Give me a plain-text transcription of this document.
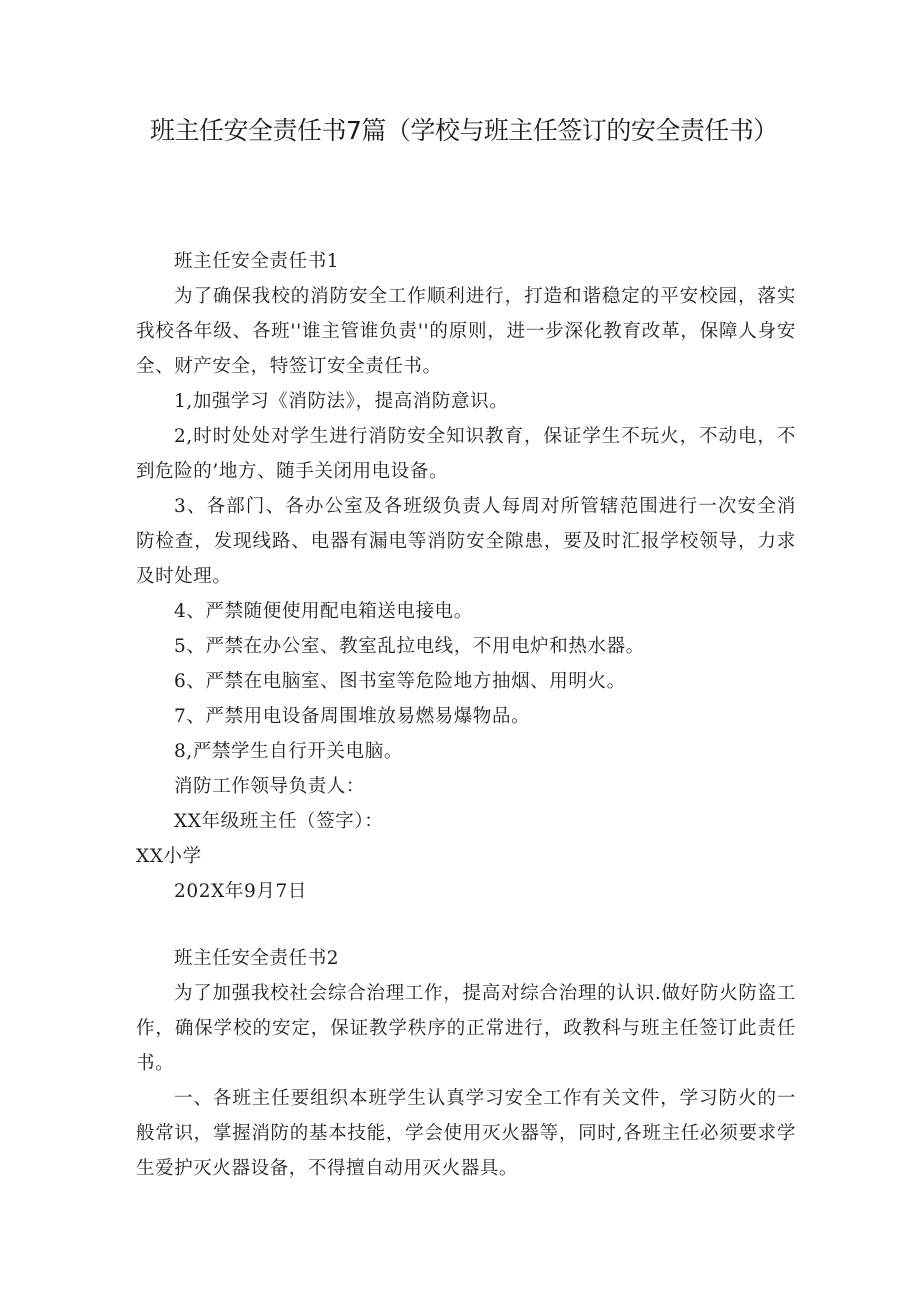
班主任安全责任书7篇（学校与班主任签订的安全责任书）

班主任安全责任书1

为了确保我校的消防安全工作顺利进行，打造和谐稳定的平安校园，落实我校各年级、各班''谁主管谁负责''的原则，进一步深化教育改革，保障人身安全、财产安全，特签订安全责任书。

1,加强学习《消防法》，提高消防意识。

2,时时处处对学生进行消防安全知识教育，保证学生不玩火，不动电，不到危险的’地方、随手关闭用电设备。

3、各部门、各办公室及各班级负责人每周对所管辖范围进行一次安全消防检查，发现线路、电器有漏电等消防安全隙患，要及时汇报学校领导，力求及时处理。

4、严禁随便使用配电箱送电接电。

5、严禁在办公室、教室乱拉电线，不用电炉和热水器。

6、严禁在电脑室、图书室等危险地方抽烟、用明火。

7、严禁用电设备周围堆放易燃易爆物品。

8,严禁学生自行开关电脑。

消防工作领导负责人：

XX年级班主任（签字）：

XX小学

202X年9月7日

班主任安全责任书2

为了加强我校社会综合治理工作，提高对综合治理的认识.做好防火防盗工作，确保学校的安定，保证教学秩序的正常进行，政教科与班主任签订此责任书。

一、各班主任要组织本班学生认真学习安全工作有关文件，学习防火的一般常识，掌握消防的基本技能，学会使用灭火器等，同时,各班主任必须要求学生爱护灭火器设备，不得擅自动用灭火器具。
